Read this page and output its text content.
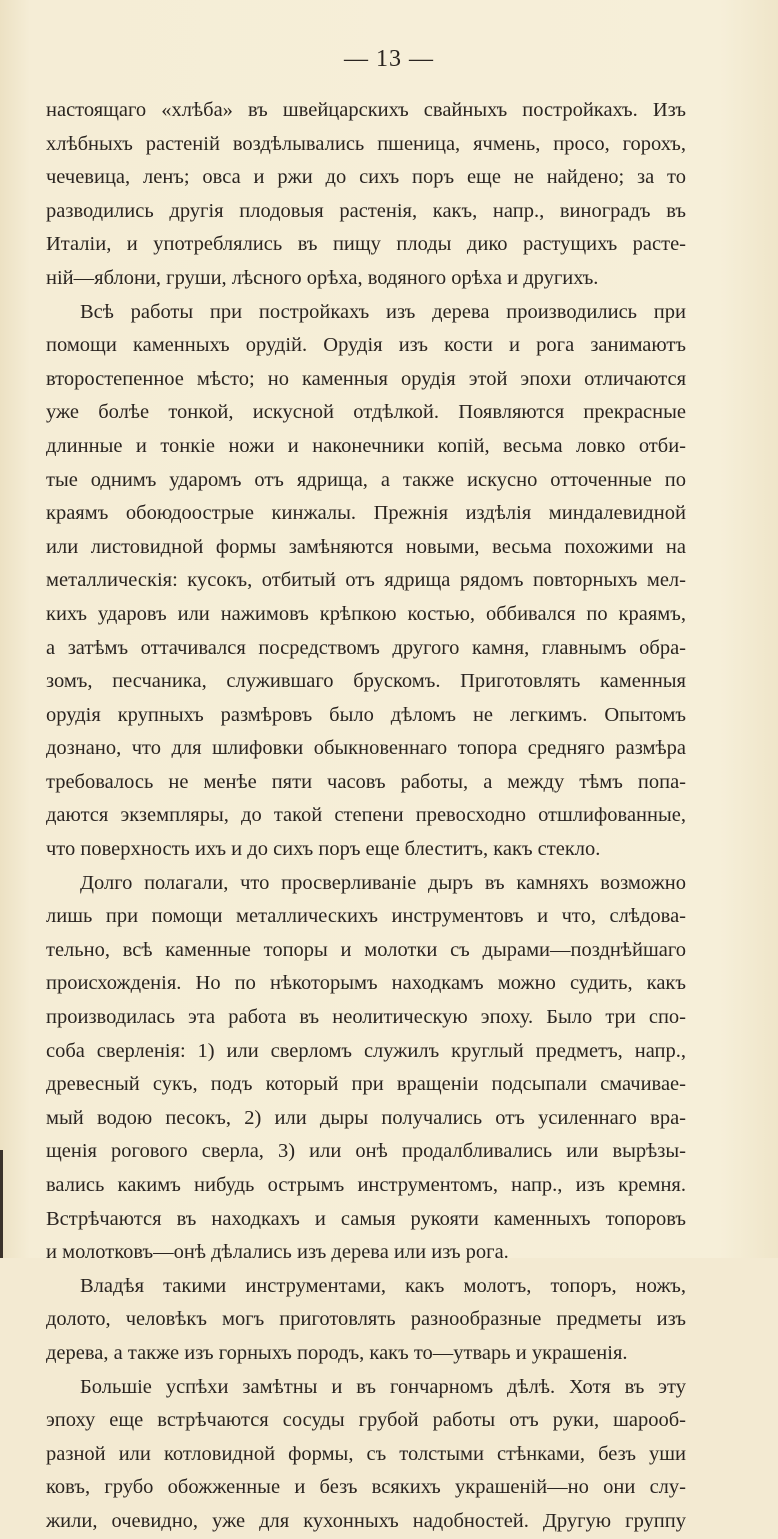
— 13 —
настоящаго «хлѣба» въ швейцарскихъ свайныхъ постройкахъ. Изъ
хлѣбныхъ растенiй воздѣлывались пшеница, ячмень, просо, горохъ,
чечевица, ленъ; овса и ржи до сихъ поръ еще не найдено; за то
разводились другiя плодовыя растенiя, какъ, напр., виноградъ въ
Италiи, и употреблялись въ пищу плоды дико растущихъ расте-
нiй—яблони, груши, лѣсного орѣха, водяного орѣха и другихъ.
Всѣ работы при постройкахъ изъ дерева производились при
помощи каменныхъ орудiй. Орудiя изъ кости и рога занимаютъ
второстепенное мѣсто; но каменныя орудiя этой эпохи отличаются
уже болѣе тонкой, искусной отдѣлкой. Появляются прекрасные
длинные и тонкiе ножи и наконечники копiй, весьма ловко отби-
тые однимъ ударомъ отъ ядрища, а также искусно отточенные по
краямъ обоюдоострые кинжалы. Прежнiя издѣлiя миндалевидной
или листовидной формы замѣняются новыми, весьма похожими на
металлическiя: кусокъ, отбитый отъ ядрища рядомъ повторныхъ мел-
кихъ ударовъ или нажимовъ крѣпкою костью, оббивался по краямъ,
а затѣмъ оттачивался посредствомъ другого камня, главнымъ обра-
зомъ, песчаника, служившаго брускомъ. Приготовлять каменныя
орудiя крупныхъ размѣровъ было дѣломъ не легкимъ. Опытомъ
дознано, что для шлифовки обыкновеннаго топора средняго размѣра
требовалось не менѣе пяти часовъ работы, а между тѣмъ попа-
даются экземпляры, до такой степени превосходно отшлифованные,
что поверхность ихъ и до сихъ поръ еще блеститъ, какъ стекло.
Долго полагали, что просверливанiе дыръ въ камняхъ возможно
лишь при помощи металлическихъ инструментовъ и что, слѣдова-
тельно, всѣ каменные топоры и молотки съ дырами—позднѣйшаго
происхожденiя. Но по нѣкоторымъ находкамъ можно судить, какъ
производилась эта работа въ неолитическую эпоху. Было три спо-
соба сверленiя: 1) или сверломъ служилъ круглый предметъ, напр.,
древесный сукъ, подъ который при вращенiи подсыпали смачивае-
мый водою песокъ, 2) или дыры получались отъ усиленнаго вра-
щенiя рогового сверла, 3) или онѣ продалбливались или вырѣзы-
вались какимъ нибудь острымъ инструментомъ, напр., изъ кремня.
Встрѣчаются въ находкахъ и самыя рукояти каменныхъ топоровъ
и молотковъ—онѣ дѣлались изъ дерева или изъ рога.
Владѣя такими инструментами, какъ молотъ, топоръ, ножъ,
долото, человѣкъ могъ приготовлять разнообразные предметы изъ
дерева, а также изъ горныхъ породъ, какъ то—утварь и украшенiя.
Большiе успѣхи замѣтны и въ гончарномъ дѣлѣ. Хотя въ эту
эпоху еще встрѣчаются сосуды грубой работы отъ руки, шарооб-
разной или котловидной формы, съ толстыми стѣнками, безъ уши
ковъ, грубо обожженные и безъ всякихъ украшенiй—но они слу-
жили, очевидно, уже для кухонныхъ надобностей. Другую группу
